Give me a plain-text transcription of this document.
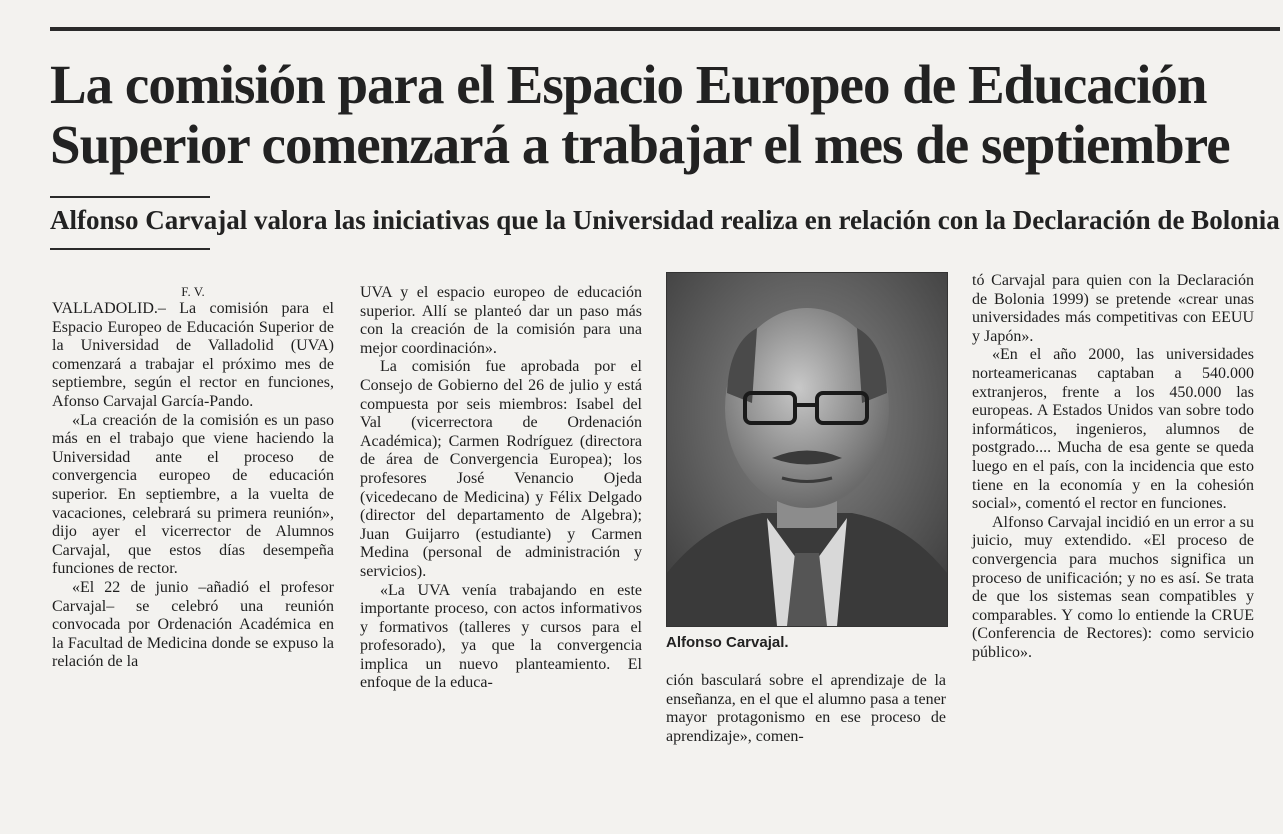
La comisión para el Espacio Europeo de Educación
Superior comenzará a trabajar el mes de septiembre
Alfonso Carvajal valora las iniciativas que la Universidad realiza en relación con la Declaración de Bolonia
F. V.

VALLADOLID.– La comisión para el Espacio Europeo de Educación Superior de la Universidad de Valladolid (UVA) comenzará a trabajar el próximo mes de septiembre, según el rector en funciones, Afonso Carvajal García-Pando.

«La creación de la comisión es un paso más en el trabajo que viene haciendo la Universidad ante el proceso de convergencia europeo de educación superior. En septiembre, a la vuelta de vacaciones, celebrará su primera reunión», dijo ayer el vicerrector de Alumnos Carvajal, que estos días desempeña funciones de rector.

«El 22 de junio –añadió el profesor Carvajal– se celebró una reunión convocada por Ordenación Académica en la Facultad de Medicina donde se expuso la relación de la

UVA y el espacio europeo de educación superior. Allí se planteó dar un paso más con la creación de la comisión para una mejor coordinación».

La comisión fue aprobada por el Consejo de Gobierno del 26 de julio y está compuesta por seis miembros: Isabel del Val (vicerrectora de Ordenación Académica); Carmen Rodríguez (directora de área de Convergencia Europea); los profesores José Venancio Ojeda (vicedecano de Medicina) y Félix Delgado (director del departamento de Algebra); Juan Guijarro (estudiante) y Carmen Medina (personal de administración y servicios).

«La UVA venía trabajando en este importante proceso, con actos informativos y formativos (talleres y cursos para el profesorado), ya que la convergencia implica un nuevo planteamiento. El enfoque de la educa-

Alfonso Carvajal.

ción basculará sobre el aprendizaje de la enseñanza, en el que el alumno pasa a tener mayor protagonismo en ese proceso de aprendizaje», comen-

tó Carvajal para quien con la Declaración de Bolonia 1999) se pretende «crear unas universidades más competitivas con EEUU y Japón».

«En el año 2000, las universidades norteamericanas captaban a 540.000 extranjeros, frente a los 450.000 las europeas. A Estados Unidos van sobre todo informáticos, ingenieros, alumnos de postgrado.... Mucha de esa gente se queda luego en el país, con la incidencia que esto tiene en la economía y en la cohesión social», comentó el rector en funciones.

Alfonso Carvajal incidió en un error a su juicio, muy extendido. «El proceso de convergencia para muchos significa un proceso de unificación; y no es así. Se trata de que los sistemas sean compatibles y comparables. Y como lo entiende la CRUE (Conferencia de Rectores): como servicio público».
